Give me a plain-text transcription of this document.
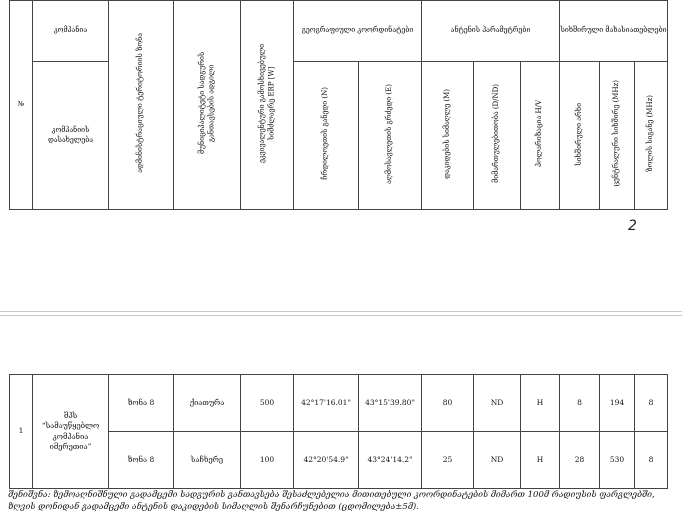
№	კომპანია	ადმინისტრაციული ტერიტორიის ზონა	მუნიციპალიტეტი სადგურის განთავსების ადგილი	ეკვივალენტური გამოსხივებული სიმძლავრე ERP [W]	გეოგრაფიული კოორდინატები		ანტენის პარამეტრები			სიხშირული მახასიათებლები		
	კომპანიის დასახელება				ჩრდილოეთის განედი (N)	აღმოსავლეთის გრძედი (E)	დაკიდების სიმაღლე (M)	მიმართულებითობა (D/ND)	პოლარიზაცია H/V	სიხშირული არხი	ცენტრალური სიხშირე (MHz)	ზოლის სიგანე (MHz)
2
1	შპს “სამაუწყებლო კომპანია იმერეთია”	ზონა 8	ქიათურა	500	42°17'16.01"	43°15'39.80"	80	ND	H	8	194	8
		ზონა 8	საჩხერე	100	42°20'54.9"	43°24'14.2"	25	ND	H	28	530	8
შენიშვნა: ზემოაღნიშნული გადამცემი სადგურის განთავსება შესაძლებელია მითითებული კოორდინატების მიმართ 100მ რადიუსის ფარგლებში, ზღვის დონიდან გადამცემი ანტენის დაკიდების სიმაღლის შენარჩუნებით (ცდომილება±5მ).
